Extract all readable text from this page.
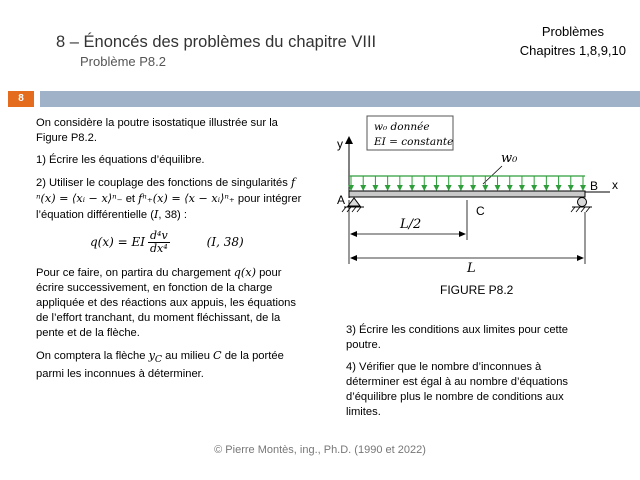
8 – Énoncés des problèmes du chapitre VIII
Problème P8.2
Problèmes
Chapitres 1,8,9,10
8

On considère la poutre isostatique illustrée sur la Figure P8.2.

1) Écrire les équations d’équilibre.

2) Utiliser le couplage des fonctions de singularités f ⁿ(x) = ⟨xᵢ − x⟩ⁿ₋ et fⁿ₊(x) = ⟨x − xᵢ⟩ⁿ₊ pour intégrer l’équation différentielle (I, 38) :

q(x) = EI $\frac{\text{d⁴v}}{\text{dx⁴}}$	(I, 38)

Pour ce faire, on partira du chargement q(x) pour écrire successivement, en fonction de la charge appliquée et des réactions aux appuis, les équations de l’effort tranchant, du moment fléchissant, de la pente et de la flèche.

On comptera la flèche $y_C$ au milieu C de la portée parmi les inconnues à déterminer.

w₀ donnée
EI = constante
y
x
w₀
A
B
C
L/2
L
FIGURE P8.2

3) Écrire les conditions aux limites pour cette poutre.

4) Vérifier que le nombre d’inconnues à déterminer est égal à au nombre d’équations d’équilibre plus le nombre de conditions aux limites.

© Pierre Montès, ing., Ph.D. (1990 et 2022)
